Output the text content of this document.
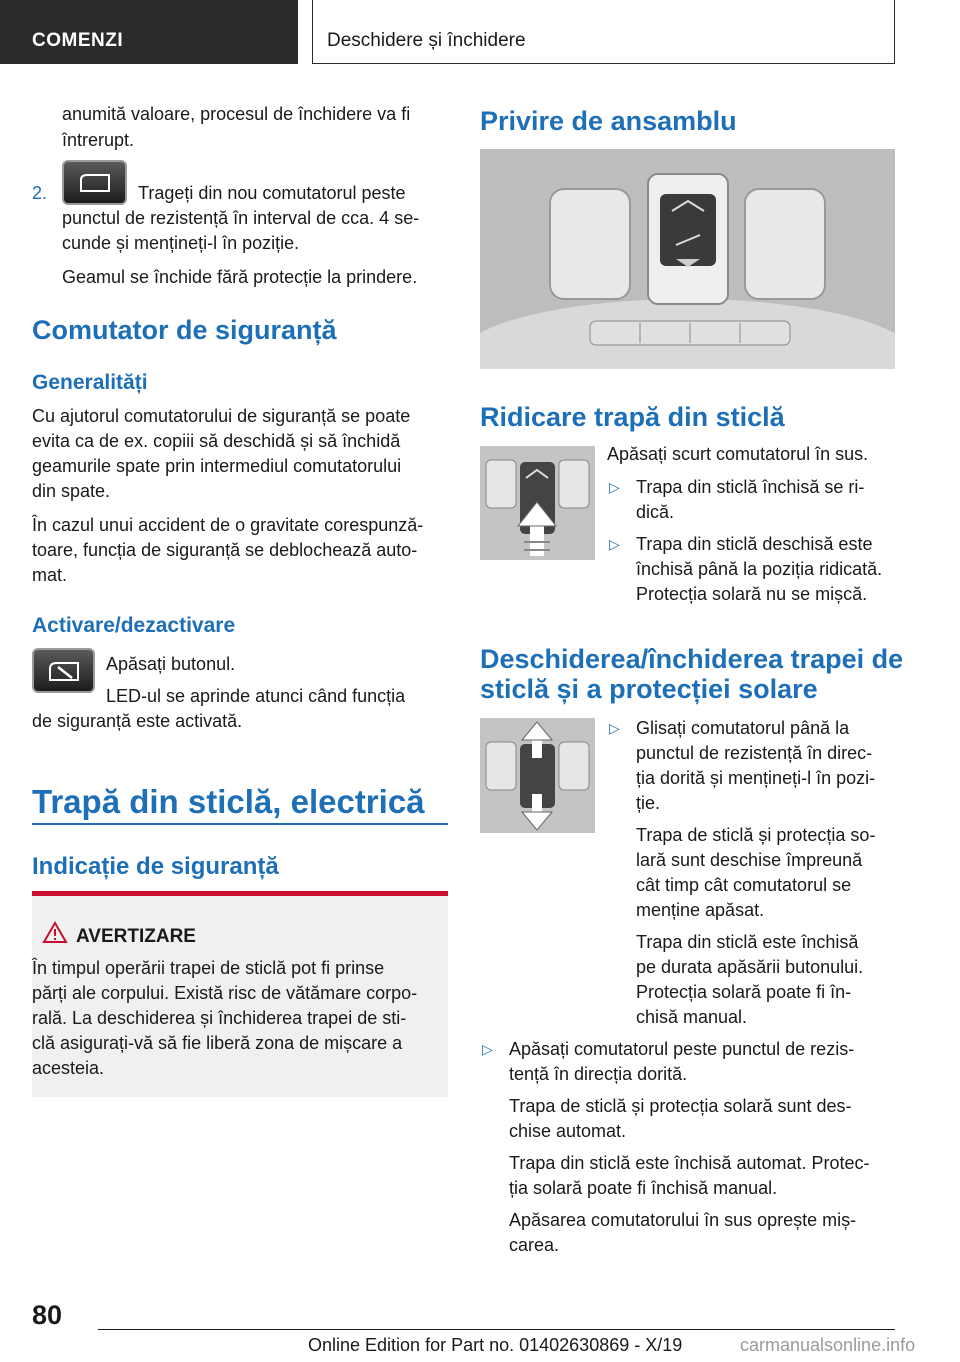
COMENZI	Deschidere și închidere
anumită valoare, procesul de închidere va fi
întrerupt.
2.	Trageți din nou comutatorul peste
punctul de rezistență în interval de cca. 4 se-
cunde și mențineți-l în poziție.
Geamul se închide fără protecție la prindere.
Comutator de siguranță
Generalități
Cu ajutorul comutatorului de siguranță se poate
evita ca de ex. copiii să deschidă și să închidă
geamurile spate prin intermediul comutatorului
din spate.
În cazul unui accident de o gravitate corespunză-
toare, funcția de siguranță se deblochează auto-
mat.
Activare/dezactivare
Apăsați butonul.
LED-ul se aprinde atunci când funcția
de siguranță este activată.
Trapă din sticlă, electrică
Indicație de siguranță
AVERTIZARE
În timpul operării trapei de sticlă pot fi prinse
părți ale corpului. Există risc de vătămare corpo-
rală. La deschiderea și închiderea trapei de sti-
clă asigurați-vă să fie liberă zona de mișcare a
acesteia.
Privire de ansamblu
Ridicare trapă din sticlă
Apăsați scurt comutatorul în sus.
▷ Trapa din sticlă închisă se ri-
dică.
▷ Trapa din sticlă deschisă este
închisă până la poziția ridicată.
Protecția solară nu se mișcă.
Deschiderea/închiderea trapei de
sticlă și a protecției solare
▷ Glisați comutatorul până la
punctul de rezistență în direc-
ția dorită și mențineți-l în pozi-
ție.
Trapa de sticlă și protecția so-
lară sunt deschise împreună
cât timp cât comutatorul se
menține apăsat.
Trapa din sticlă este închisă
pe durata apăsării butonului.
Protecția solară poate fi în-
chisă manual.
▷ Apăsați comutatorul peste punctul de rezis-
tență în direcția dorită.
Trapa de sticlă și protecția solară sunt des-
chise automat.
Trapa din sticlă este închisă automat. Protec-
ția solară poate fi închisă manual.
Apăsarea comutatorului în sus oprește miș-
carea.
80
Online Edition for Part no. 01402630869 - X/19	carmanualsonline.info
